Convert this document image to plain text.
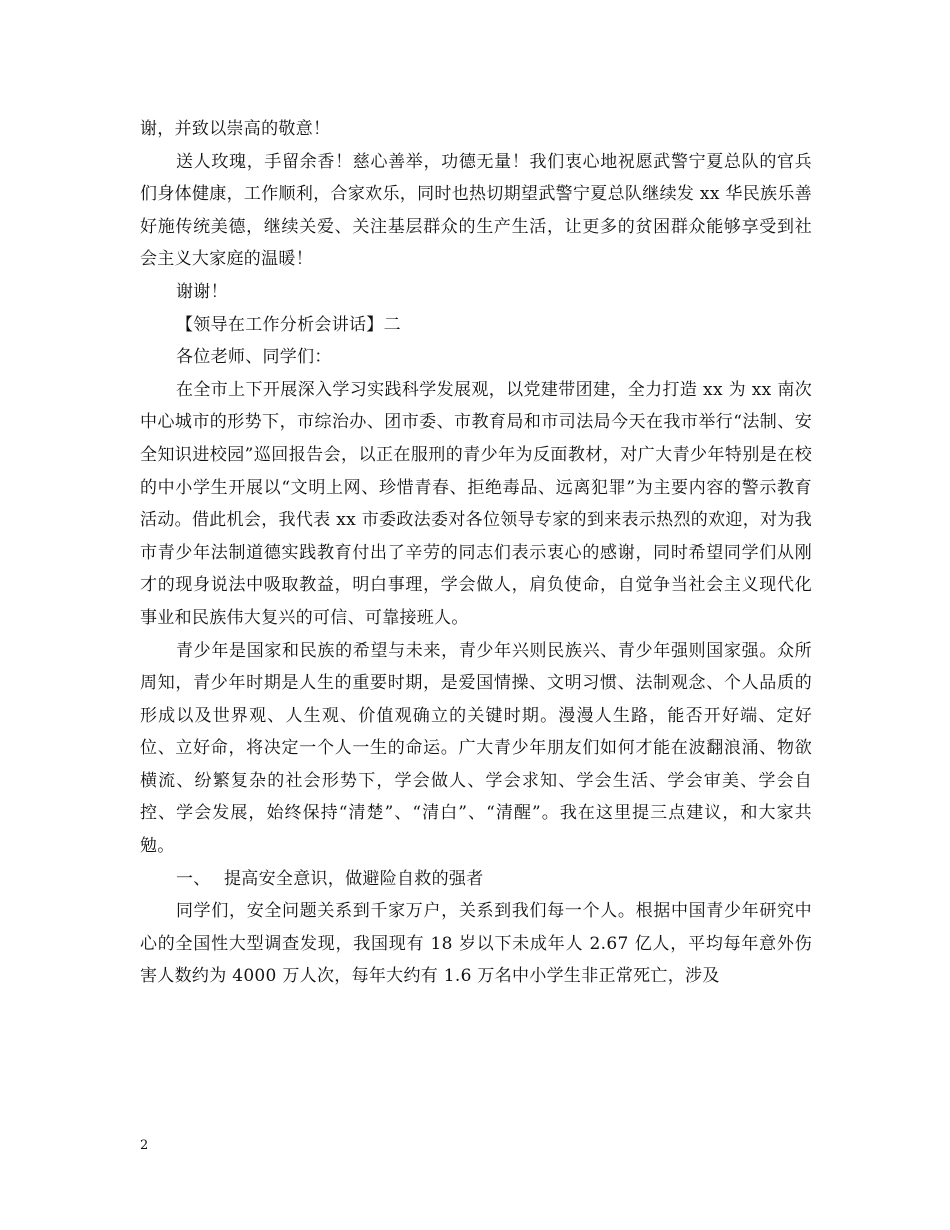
谢，并致以崇高的敬意！

送人玫瑰，手留余香！慈心善举，功德无量！我们衷心地祝愿武警宁夏总队的官兵们身体健康，工作顺利，合家欢乐，同时也热切期望武警宁夏总队继续发 xx 华民族乐善好施传统美德，继续关爱、关注基层群众的生产生活，让更多的贫困群众能够享受到社会主义大家庭的温暖！

谢谢！

【领导在工作分析会讲话】二

各位老师、同学们：

在全市上下开展深入学习实践科学发展观，以党建带团建，全力打造 xx 为 xx 南次中心城市的形势下，市综治办、团市委、市教育局和市司法局今天在我市举行“法制、安全知识进校园”巡回报告会，以正在服刑的青少年为反面教材，对广大青少年特别是在校的中小学生开展以“文明上网、珍惜青春、拒绝毒品、远离犯罪”为主要内容的警示教育活动。借此机会，我代表 xx 市委政法委对各位领导专家的到来表示热烈的欢迎，对为我市青少年法制道德实践教育付出了辛劳的同志们表示衷心的感谢，同时希望同学们从刚才的现身说法中吸取教益，明白事理，学会做人，肩负使命，自觉争当社会主义现代化事业和民族伟大复兴的可信、可靠接班人。

青少年是国家和民族的希望与未来，青少年兴则民族兴、青少年强则国家强。众所周知，青少年时期是人生的重要时期，是爱国情操、文明习惯、法制观念、个人品质的形成以及世界观、人生观、价值观确立的关键时期。漫漫人生路，能否开好端、定好位、立好命，将决定一个人一生的命运。广大青少年朋友们如何才能在波翻浪涌、物欲横流、纷繁复杂的社会形势下，学会做人、学会求知、学会生活、学会审美、学会自控、学会发展，始终保持“清楚”、“清白”、“清醒”。我在这里提三点建议，和大家共勉。

一、 提高安全意识，做避险自救的强者

同学们，安全问题关系到千家万户，关系到我们每一个人。根据中国青少年研究中心的全国性大型调查发现，我国现有 18 岁以下未成年人 2.67 亿人，平均每年意外伤害人数约为 4000 万人次，每年大约有 1.6 万名中小学生非正常死亡，涉及

2
